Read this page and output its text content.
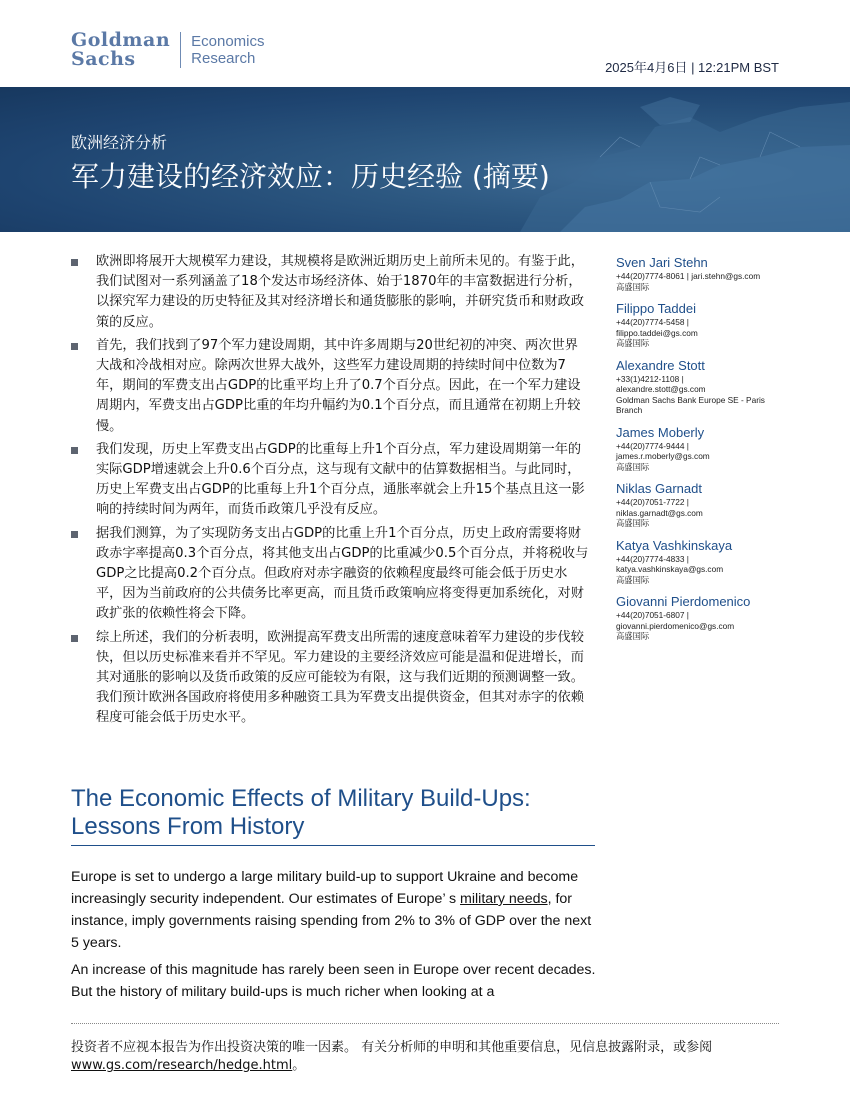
Goldman
Sachs
Economics
Research
2025年4月6日 | 12:21PM BST
欧洲经济分析
军力建设的经济效应：历史经验 (摘要)
欧洲即将展开大规模军力建设，其规模将是欧洲近期历史上前所未见的。有鉴于此，我们试图对一系列涵盖了18个发达市场经济体、始于1870年的丰富数据进行分析，以探究军力建设的历史特征及其对经济增长和通货膨胀的影响，并研究货币和财政政策的反应。
首先，我们找到了97个军力建设周期，其中许多周期与20世纪初的冲突、两次世界大战和冷战相对应。除两次世界大战外，这些军力建设周期的持续时间中位数为7年，期间的军费支出占GDP的比重平均上升了0.7个百分点。因此，在一个军力建设周期内，军费支出占GDP比重的年均升幅约为0.1个百分点，而且通常在初期上升较慢。
我们发现，历史上军费支出占GDP的比重每上升1个百分点，军力建设周期第一年的实际GDP增速就会上升0.6个百分点，这与现有文献中的估算数据相当。与此同时，历史上军费支出占GDP的比重每上升1个百分点，通胀率就会上升15个基点且这一影响的持续时间为两年，而货币政策几乎没有反应。
据我们测算，为了实现防务支出占GDP的比重上升1个百分点，历史上政府需要将财政赤字率提高0.3个百分点，将其他支出占GDP的比重减少0.5个百分点，并将税收与GDP之比提高0.2个百分点。但政府对赤字融资的依赖程度最终可能会低于历史水平，因为当前政府的公共债务比率更高，而且货币政策响应将变得更加系统化，对财政扩张的依赖性将会下降。
综上所述，我们的分析表明，欧洲提高军费支出所需的速度意味着军力建设的步伐较快，但以历史标准来看并不罕见。军力建设的主要经济效应可能是温和促进增长，而其对通胀的影响以及货币政策的反应可能较为有限，这与我们近期的预测调整一致。我们预计欧洲各国政府将使用多种融资工具为军费支出提供资金，但其对赤字的依赖程度可能会低于历史水平。
Sven Jari Stehn
+44(20)7774-8061 | jari.stehn@gs.com
高盛国际
Filippo Taddei
+44(20)7774-5458 |
filippo.taddei@gs.com
高盛国际
Alexandre Stott
+33(1)4212-1108 |
alexandre.stott@gs.com
Goldman Sachs Bank Europe SE - Paris
Branch
James Moberly
+44(20)7774-9444 |
james.r.moberly@gs.com
高盛国际
Niklas Garnadt
+44(20)7051-7722 |
niklas.garnadt@gs.com
高盛国际
Katya Vashkinskaya
+44(20)7774-4833 |
katya.vashkinskaya@gs.com
高盛国际
Giovanni Pierdomenico
+44(20)7051-6807 |
giovanni.pierdomenico@gs.com
高盛国际
The Economic Effects of Military Build-Ups:
Lessons From History

Europe is set to undergo a large military build-up to support Ukraine and become increasingly security independent. Our estimates of Europe’ s military needs, for instance, imply governments raising spending from 2% to 3% of GDP over the next 5 years.

An increase of this magnitude has rarely been seen in Europe over recent decades. But the history of military build-ups is much richer when looking at a

投资者不应视本报告为作出投资决策的唯一因素。 有关分析师的申明和其他重要信息，见信息披露附录，或参阅
www.gs.com/research/hedge.html。
